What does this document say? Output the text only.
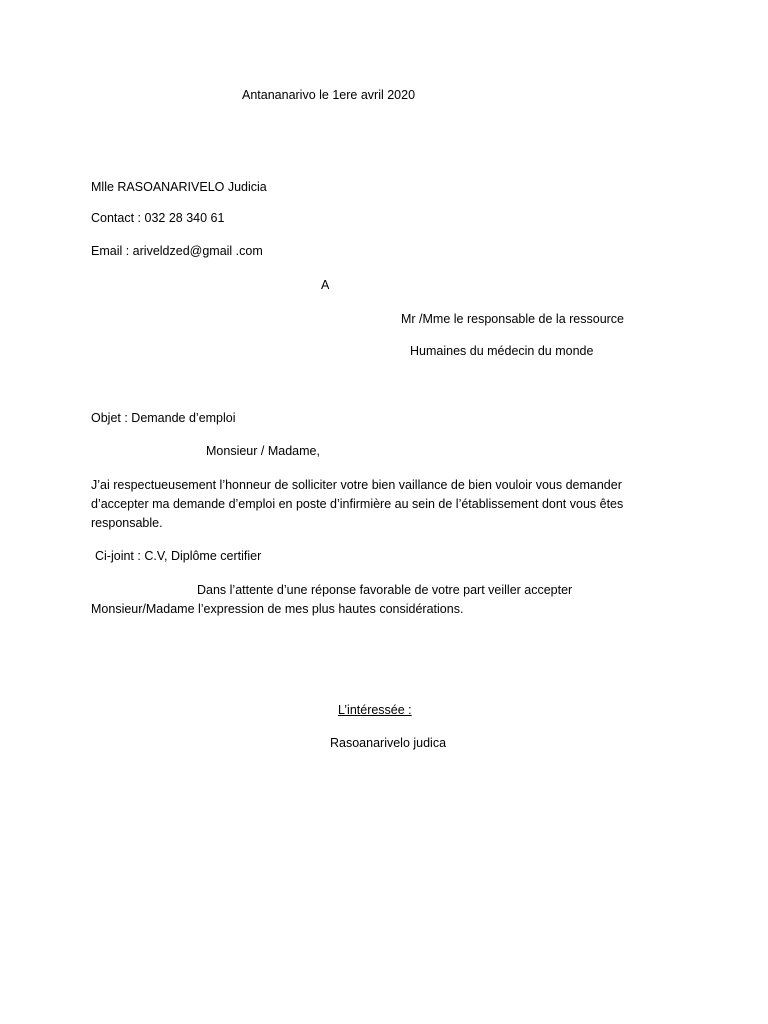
Antananarivo le 1ere avril 2020
Mlle RASOANARIVELO Judicia
Contact : 032 28 340 61
Email : ariveldzed@gmail .com
A
Mr /Mme le responsable de la ressource
Humaines du médecin du monde
Objet : Demande d’emploi
Monsieur / Madame,
J’ai respectueusement l’honneur de solliciter votre bien vaillance de bien vouloir vous demander
d’accepter ma demande d’emploi en poste d’infirmière au sein de l’établissement dont vous êtes
responsable.
Ci-joint : C.V, Diplôme certifier
Dans l’attente d’une réponse favorable de votre part veiller accepter
Monsieur/Madame l’expression de mes plus hautes considérations.
L’intéressée :
Rasoanarivelo judica
